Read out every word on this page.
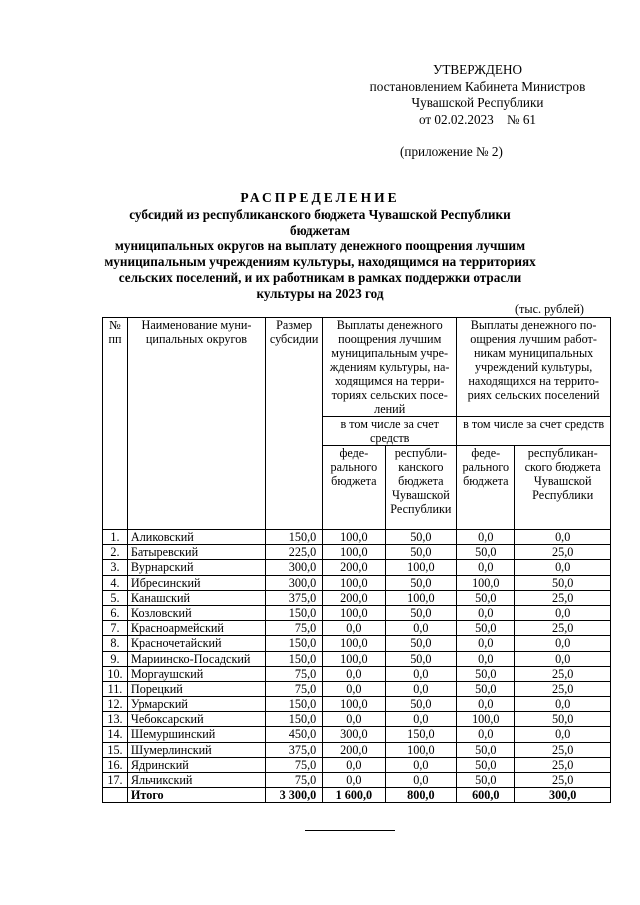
УТВЕРЖДЕНО
постановлением Кабинета Министров
Чувашской Республики
от 02.02.2023    № 61
(приложение № 2)
РАСПРЕДЕЛЕНИЕ
субсидий из республиканского бюджета Чувашской Республики бюджетам
муниципальных округов на выплату денежного поощрения лучшим
муниципальным учреждениям культуры, находящимся на территориях
сельских поселений, и их работникам в рамках поддержки отрасли
культуры на 2023 год
(тыс. рублей)
№ пп	Наименование муни-ципальных округов	Размер субсидии	Выплаты денежного поощрения лучшим муниципальным учре-ждениям культуры, на-ходящимся на терри-ториях сельских посе-лений		Выплаты денежного по-ощрения лучшим работ-никам муниципальных учреждений культуры, находящихся на террито-риях сельских поселений	
			в том числе за счет средств		в том числе за счет средств	
			феде-рального бюджета	республи-канского бюджета Чувашской Республики	феде-рального бюджета	республикан-ского бюджета Чувашской Республики
1.	Аликовский	150,0	100,0	50,0	0,0	0,0
2.	Батыревский	225,0	100,0	50,0	50,0	25,0
3.	Вурнарский	300,0	200,0	100,0	0,0	0,0
4.	Ибресинский	300,0	100,0	50,0	100,0	50,0
5.	Канашский	375,0	200,0	100,0	50,0	25,0
6.	Козловский	150,0	100,0	50,0	0,0	0,0
7.	Красноармейский	75,0	0,0	0,0	50,0	25,0
8.	Красночетайский	150,0	100,0	50,0	0,0	0,0
9.	Мариинско-Посадский	150,0	100,0	50,0	0,0	0,0
10.	Моргаушский	75,0	0,0	0,0	50,0	25,0
11.	Порецкий	75,0	0,0	0,0	50,0	25,0
12.	Урмарский	150,0	100,0	50,0	0,0	0,0
13.	Чебоксарский	150,0	0,0	0,0	100,0	50,0
14.	Шемуршинский	450,0	300,0	150,0	0,0	0,0
15.	Шумерлинский	375,0	200,0	100,0	50,0	25,0
16.	Ядринский	75,0	0,0	0,0	50,0	25,0
17.	Яльчикский	75,0	0,0	0,0	50,0	25,0
	Итого	3 300,0	1 600,0	800,0	600,0	300,0
